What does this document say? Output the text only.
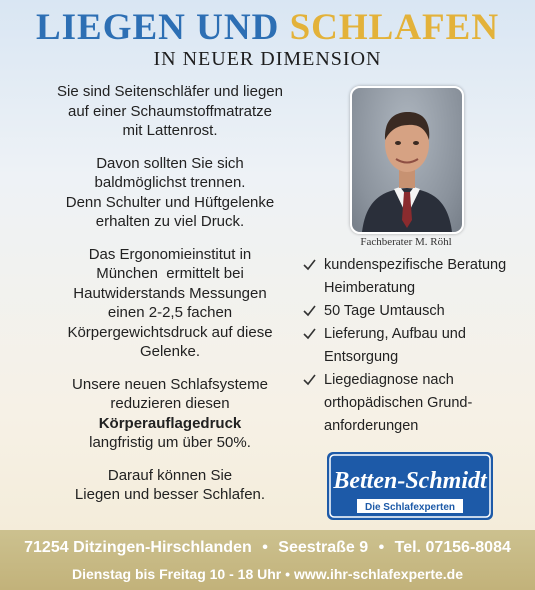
LIEGEN UND SCHLAFEN
IN NEUER DIMENSION

Sie sind Seitenschläfer und liegen
auf einer Schaumstoffmatratze
mit Lattenrost.

Davon sollten Sie sich
baldmöglichst trennen.
Denn Schulter und Hüftgelenke
erhalten zu viel Druck.

Das Ergonomieinstitut in
München  ermittelt bei
Hautwiderstands Messungen
einen 2-2,5 fachen
Körpergewichtsdruck auf diese
Gelenke.

Unsere neuen Schlafsysteme
reduzieren diesen
Körperauflagedruck
langfristig um über 50%.

Darauf können Sie
Liegen und besser Schlafen.

Fachberater M. Röhl
kundenspezifische Beratung
Heimberatung
50 Tage Umtausch
Lieferung, Aufbau und
Entsorgung
Liegediagnose nach
orthopädischen Grund-
anforderungen
Betten-Schmidt
Die Schlafexperten
71254 Ditzingen-Hirschlanden • Seestraße 9 • Tel. 07156-8084
Dienstag bis Freitag 10 - 18 Uhr • www.ihr-schlafexperte.de
